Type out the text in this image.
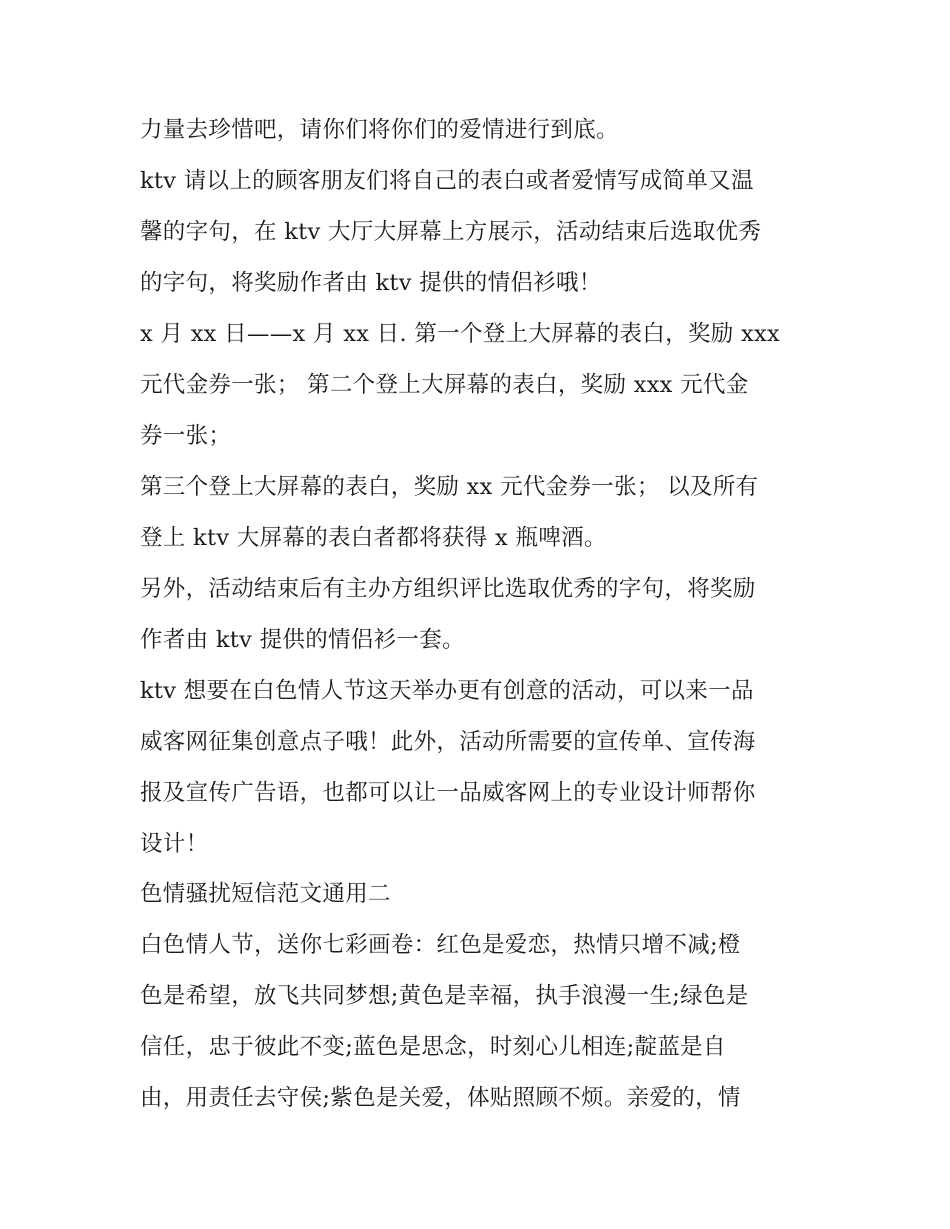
力量去珍惜吧，请你们将你们的爱情进行到底。
ktv 请以上的顾客朋友们将自己的表白或者爱情写成简单又温
馨的字句，在 ktv 大厅大屏幕上方展示，活动结束后选取优秀
的字句，将奖励作者由 ktv 提供的情侣衫哦！
x 月 xx 日——x 月 xx 日. 第一个登上大屏幕的表白，奖励 xxx
元代金券一张； 第二个登上大屏幕的表白，奖励 xxx 元代金
券一张；
第三个登上大屏幕的表白，奖励 xx 元代金券一张； 以及所有
登上 ktv 大屏幕的表白者都将获得 x 瓶啤酒。
另外，活动结束后有主办方组织评比选取优秀的字句，将奖励
作者由 ktv 提供的情侣衫一套。
ktv 想要在白色情人节这天举办更有创意的活动，可以来一品
威客网征集创意点子哦！此外，活动所需要的宣传单、宣传海
报及宣传广告语，也都可以让一品威客网上的专业设计师帮你
设计！
色情骚扰短信范文通用二
白色情人节，送你七彩画卷：红色是爱恋，热情只增不减;橙
色是希望，放飞共同梦想;黄色是幸福，执手浪漫一生;绿色是
信任，忠于彼此不变;蓝色是思念，时刻心儿相连;靛蓝是自
由，用责任去守侯;紫色是关爱，体贴照顾不烦。亲爱的，情
